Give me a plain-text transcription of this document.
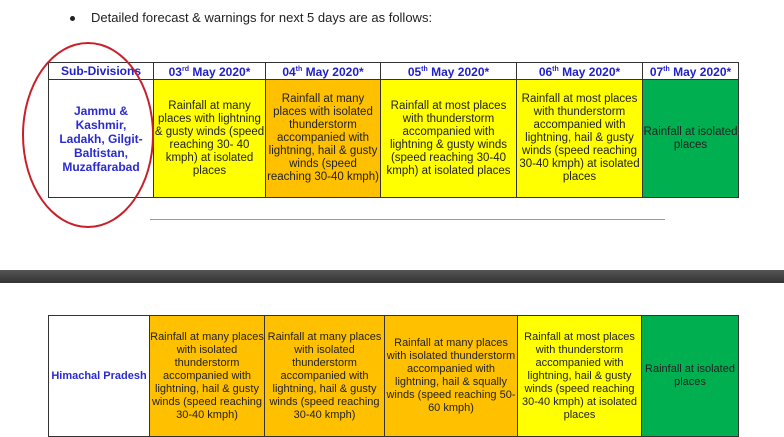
Detailed forecast & warnings for next 5 days are as follows:
Sub-Divisions	03rd May 2020*	04th May 2020*	05th May 2020*	06th May 2020*	07th May 2020*
Jammu & Kashmir, Ladakh, Gilgit-Baltistan, Muzaffarabad	Rainfall at many places with lightning & gusty winds (speed reaching 30- 40 kmph) at isolated places	Rainfall at many places with isolated thunderstorm accompanied with lightning, hail & gusty winds (speed reaching 30-40 kmph)	Rainfall at most places with thunderstorm accompanied with lightning & gusty winds (speed reaching 30-40 kmph) at isolated places	Rainfall at most places with thunderstorm accompanied with lightning, hail & gusty winds (speed reaching 30-40 kmph) at isolated places	Rainfall at isolated places
Himachal Pradesh	Rainfall at many places with isolated thunderstorm accompanied with lightning, hail & gusty winds (speed reaching 30-40 kmph)	Rainfall at many places with isolated thunderstorm accompanied with lightning, hail & gusty winds (speed reaching 30-40 kmph)	Rainfall at many places with isolated thunderstorm accompanied with lightning, hail & squally winds (speed reaching 50-60 kmph)	Rainfall at most places with thunderstorm accompanied with lightning, hail & gusty winds (speed reaching 30-40 kmph) at isolated places	Rainfall at isolated places
